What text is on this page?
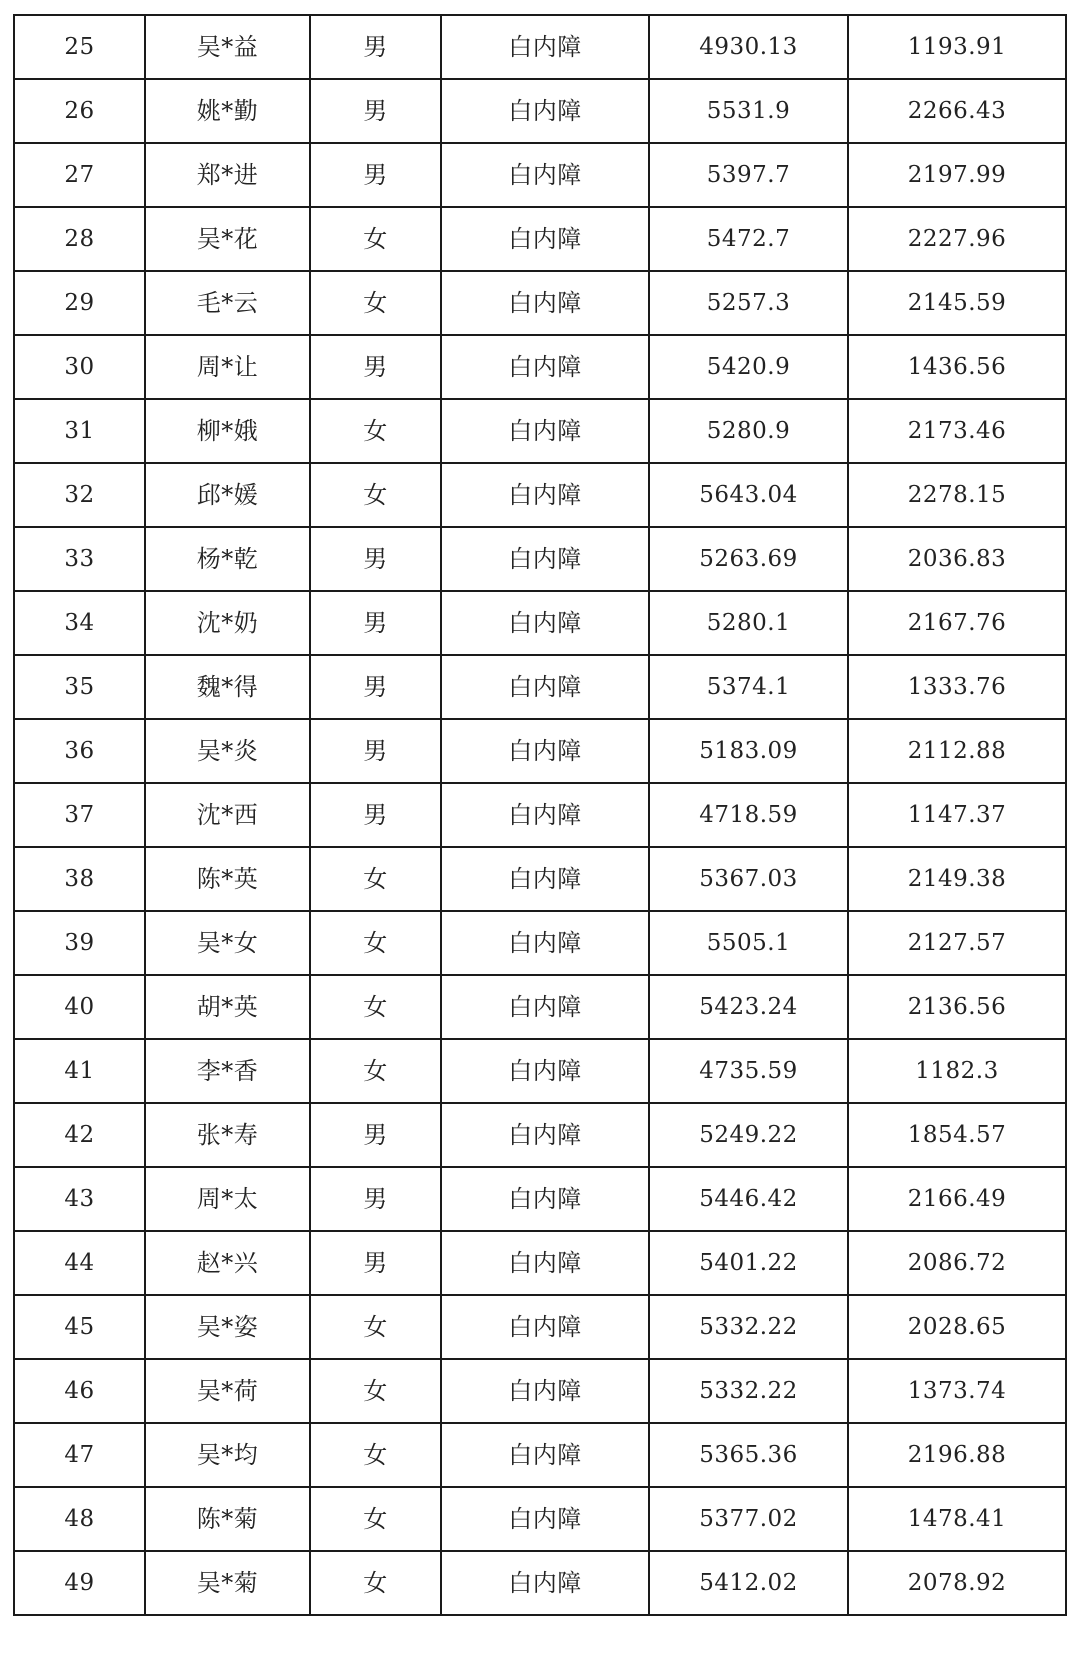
25	吴*益	男	白内障	4930.13	1193.91
26	姚*勤	男	白内障	5531.9	2266.43
27	郑*进	男	白内障	5397.7	2197.99
28	吴*花	女	白内障	5472.7	2227.96
29	毛*云	女	白内障	5257.3	2145.59
30	周*让	男	白内障	5420.9	1436.56
31	柳*娥	女	白内障	5280.9	2173.46
32	邱*媛	女	白内障	5643.04	2278.15
33	杨*乾	男	白内障	5263.69	2036.83
34	沈*奶	男	白内障	5280.1	2167.76
35	魏*得	男	白内障	5374.1	1333.76
36	吴*炎	男	白内障	5183.09	2112.88
37	沈*西	男	白内障	4718.59	1147.37
38	陈*英	女	白内障	5367.03	2149.38
39	吴*女	女	白内障	5505.1	2127.57
40	胡*英	女	白内障	5423.24	2136.56
41	李*香	女	白内障	4735.59	1182.3
42	张*寿	男	白内障	5249.22	1854.57
43	周*太	男	白内障	5446.42	2166.49
44	赵*兴	男	白内障	5401.22	2086.72
45	吴*姿	女	白内障	5332.22	2028.65
46	吴*荷	女	白内障	5332.22	1373.74
47	吴*均	女	白内障	5365.36	2196.88
48	陈*菊	女	白内障	5377.02	1478.41
49	吴*菊	女	白内障	5412.02	2078.92
